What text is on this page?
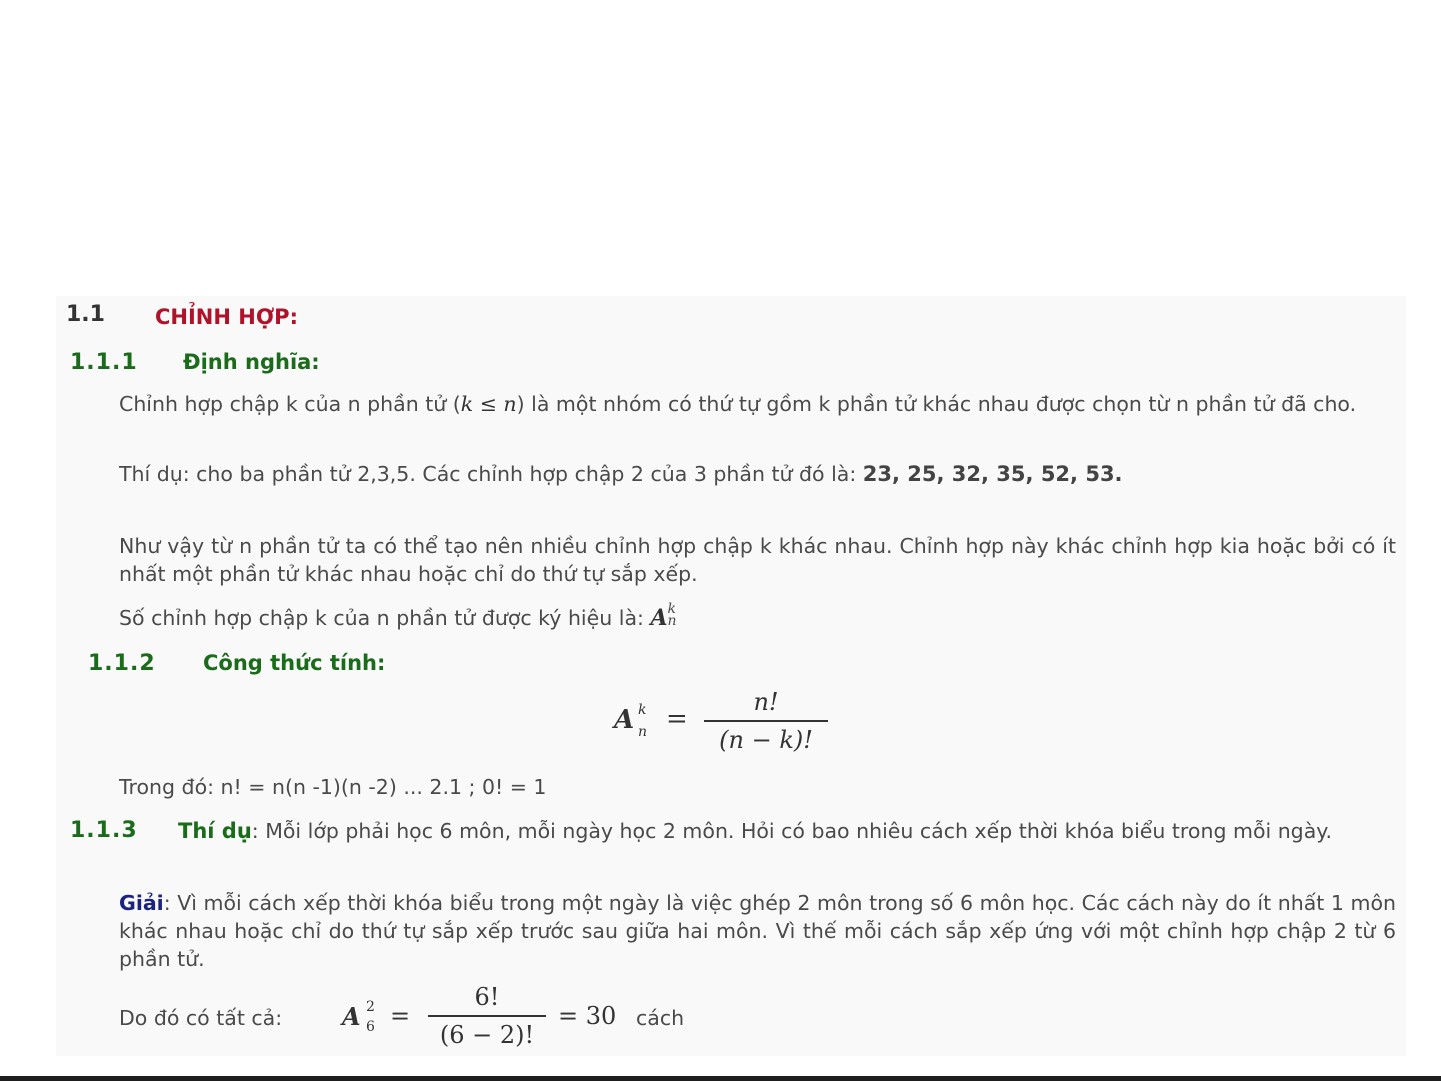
1.1 CHỈNH HỢP:
1.1.1 Định nghĩa:
Chỉnh hợp chập k của n phần tử (k ≤ n) là một nhóm có thứ tự gồm k phần tử khác nhau được chọn từ n phần tử đã cho.
Thí dụ: cho ba phần tử 2,3,5. Các chỉnh hợp chập 2 của 3 phần tử đó là: 23, 25, 32, 35, 52, 53.
Như vậy từ n phần tử ta có thể tạo nên nhiều chỉnh hợp chập k khác nhau. Chỉnh hợp này khác chỉnh hợp kia hoặc bởi có ít nhất một phần tử khác nhau hoặc chỉ do thứ tự sắp xếp.
Số chỉnh hợp chập k của n phần tử được ký hiệu là: A k
n
1.1.2 Công thức tính:
A k
n =
n!
(n − k)!
Trong đó: n! = n(n -1)(n -2) ... 2.1 ; 0! = 1
1.1.3 Thí dụ: Mỗi lớp phải học 6 môn, mỗi ngày học 2 môn. Hỏi có bao nhiêu cách xếp thời khóa biểu trong mỗi ngày.
Giải: Vì mỗi cách xếp thời khóa biểu trong một ngày là việc ghép 2 môn trong số 6 môn học. Các cách này do ít nhất 1 môn khác nhau hoặc chỉ do thứ tự sắp xếp trước sau giữa hai môn. Vì thế mỗi cách sắp xếp ứng với một chỉnh hợp chập 2 từ 6 phần tử.
Do đó có tất cả: A 2
6 =
6!
(6 − 2)!
= 30 cách
